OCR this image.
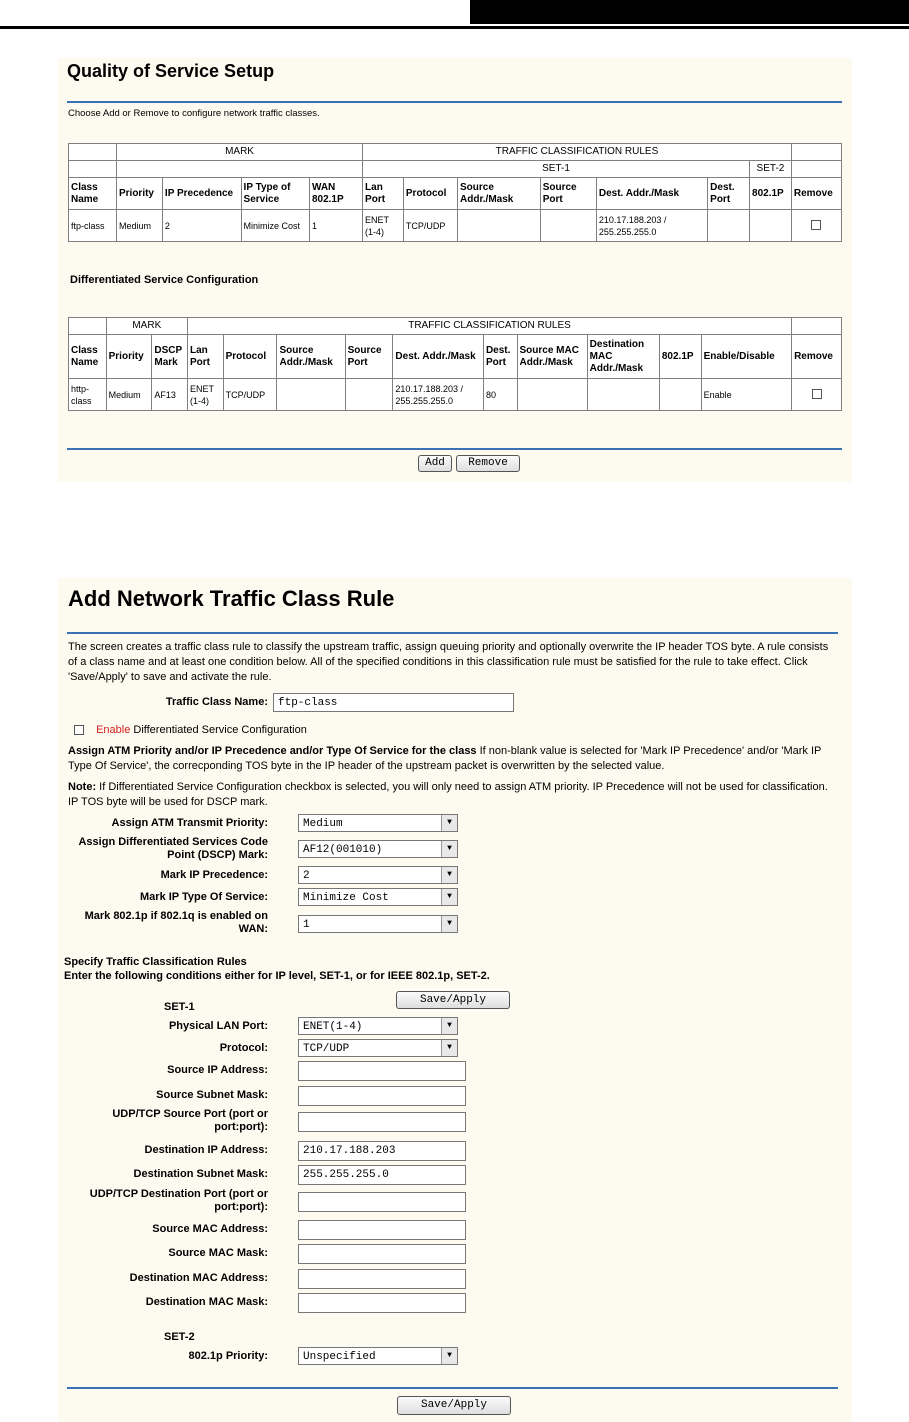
Quality of Service Setup
Choose Add or Remove to configure network traffic classes.
	MARK				TRAFFIC CLASSIFICATION RULES							
					SET-1						SET-2	
Class Name	Priority	IP Precedence	IP Type of Service	WAN 802.1P	Lan Port	Protocol	Source Addr./Mask	Source Port	Dest. Addr./Mask	Dest. Port	802.1P	Remove
ftp-class	Medium	2	Minimize Cost	1	ENET (1-4)	TCP/UDP			210.17.188.203 / 255.255.255.0			
Differentiated Service Configuration
	MARK		TRAFFIC CLASSIFICATION RULES										
Class Name	Priority	DSCP Mark	Lan Port	Protocol	Source Addr./Mask	Source Port	Dest. Addr./Mask	Dest. Port	Source MAC Addr./Mask	Destination MAC Addr./Mask	802.1P	Enable/Disable	Remove
http-class	Medium	AF13	ENET (1-4)	TCP/UDP			210.17.188.203 / 255.255.255.0	80				Enable	
Add	Remove
Add Network Traffic Class Rule
The screen creates a traffic class rule to classify the upstream traffic, assign queuing priority and optionally overwrite the IP header TOS byte. A rule consists of a class name and at least one condition below. All of the specified conditions in this classification rule must be satisfied for the rule to take effect. Click 'Save/Apply' to save and activate the rule.
Traffic Class Name: ftp-class
Enable Differentiated Service Configuration
Assign ATM Priority and/or IP Precedence and/or Type Of Service for the class If non-blank value is selected for 'Mark IP Precedence' and/or 'Mark IP Type Of Service', the correcponding TOS byte in the IP header of the upstream packet is overwritten by the selected value.
Note: If Differentiated Service Configuration checkbox is selected, you will only need to assign ATM priority. IP Precedence will not be used for classification. IP TOS byte will be used for DSCP mark.
Assign ATM Transmit Priority:	Medium	▼
Assign Differentiated Services Code Point (DSCP) Mark:	AF12(001010)	▼
Mark IP Precedence:	2	▼
Mark IP Type Of Service:	Minimize Cost	▼
Mark 802.1p if 802.1q is enabled on WAN:	1	▼
Specify Traffic Classification Rules
Enter the following conditions either for IP level, SET-1, or for IEEE 802.1p, SET-2.
Save/Apply
SET-1
Physical LAN Port:	ENET(1-4)	▼
Protocol:	TCP/UDP	▼
Source IP Address:
Source Subnet Mask:
UDP/TCP Source Port (port or port:port):
Destination IP Address:	210.17.188.203
Destination Subnet Mask:	255.255.255.0
UDP/TCP Destination Port (port or port:port):
Source MAC Address:
Source MAC Mask:
Destination MAC Address:
Destination MAC Mask:
SET-2
802.1p Priority:	Unspecified	▼
Save/Apply
